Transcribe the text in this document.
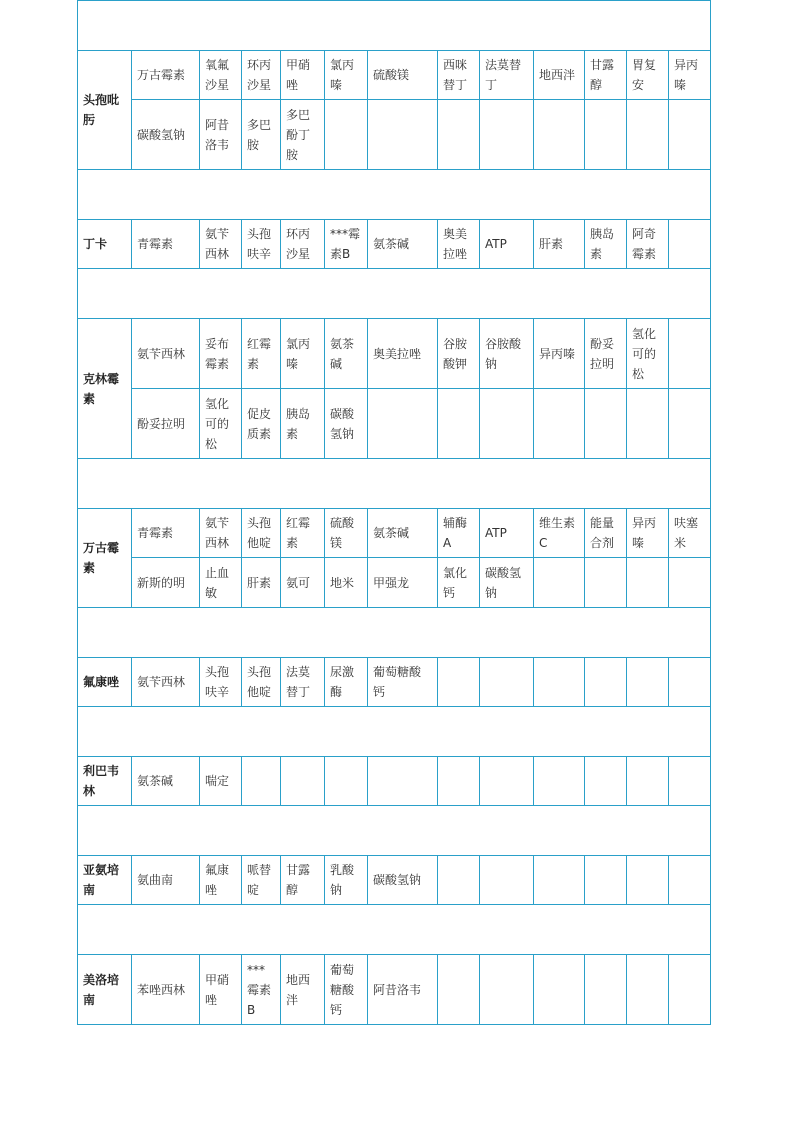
头孢吡肟	万古霉素	氧氟沙星	环丙沙星	甲硝唑	氯丙嗪	硫酸镁	西咪替丁	法莫替丁	地西泮	甘露醇	胃复安	异丙嗪
	碳酸氢钠	阿昔洛韦	多巴胺	多巴酚丁胺								

丁卡	青霉素	氨苄西林	头孢呋辛	环丙沙星	***霉素B	氨茶碱	奥美拉唑	ATP	肝素	胰岛素	阿奇霉素	

克林霉素	氨苄西林	妥布霉素	红霉素	氯丙嗪	氨茶碱	奥美拉唑	谷胺酸钾	谷胺酸钠	异丙嗪	酚妥拉明	氢化可的松	
	酚妥拉明	氢化可的松	促皮质素	胰岛素	碳酸氢钠							

万古霉素	青霉素	氨苄西林	头孢他啶	红霉素	硫酸镁	氨茶碱	辅酶A	ATP	维生素C	能量合剂	异丙嗪	呋塞米
	新斯的明	止血敏	肝素	氨可	地米	甲强龙	氯化钙	碳酸氢钠				

氟康唑	氨苄西林	头孢呋辛	头孢他啶	法莫替丁	尿激酶	葡萄糖酸钙						

利巴韦林	氨茶碱	喘定										

亚氨培南	氨曲南	氟康唑	哌替啶	甘露醇	乳酸钠	碳酸氢钠						

美洛培南	苯唑西林	甲硝唑	***霉素B	地西泮	葡萄糖酸钙	阿昔洛韦						
